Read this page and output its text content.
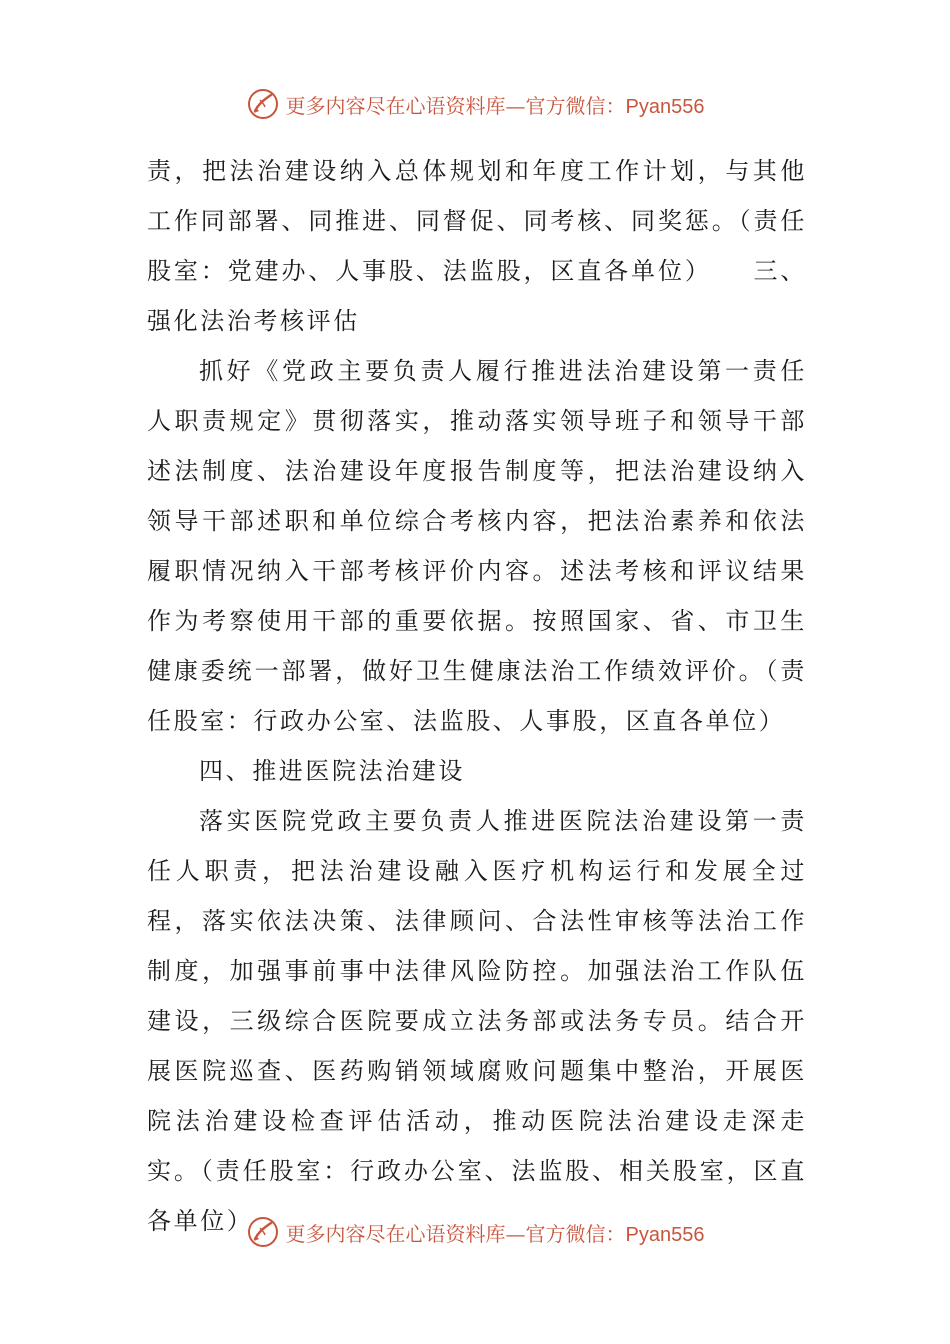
更多内容尽在心语资料库—官方微信：Pyan556

责，把法治建设纳入总体规划和年度工作计划，与其他工作同部署、同推进、同督促、同考核、同奖惩。（责任股室：党建办、人事股、法监股，区直各单位）　　三、强化法治考核评估

抓好《党政主要负责人履行推进法治建设第一责任人职责规定》贯彻落实，推动落实领导班子和领导干部述法制度、法治建设年度报告制度等，把法治建设纳入领导干部述职和单位综合考核内容，把法治素养和依法履职情况纳入干部考核评价内容。述法考核和评议结果作为考察使用干部的重要依据。按照国家、省、市卫生健康委统一部署，做好卫生健康法治工作绩效评价。（责任股室：行政办公室、法监股、人事股，区直各单位）

四、推进医院法治建设

落实医院党政主要负责人推进医院法治建设第一责任人职责，把法治建设融入医疗机构运行和发展全过程，落实依法决策、法律顾问、合法性审核等法治工作制度，加强事前事中法律风险防控。加强法治工作队伍建设，三级综合医院要成立法务部或法务专员。结合开展医院巡查、医药购销领域腐败问题集中整治，开展医院法治建设检查评估活动，推动医院法治建设走深走实。（责任股室：行政办公室、法监股、相关股室，区直各单位）	更多内容尽在心语资料库—官方微信：Pyan556
